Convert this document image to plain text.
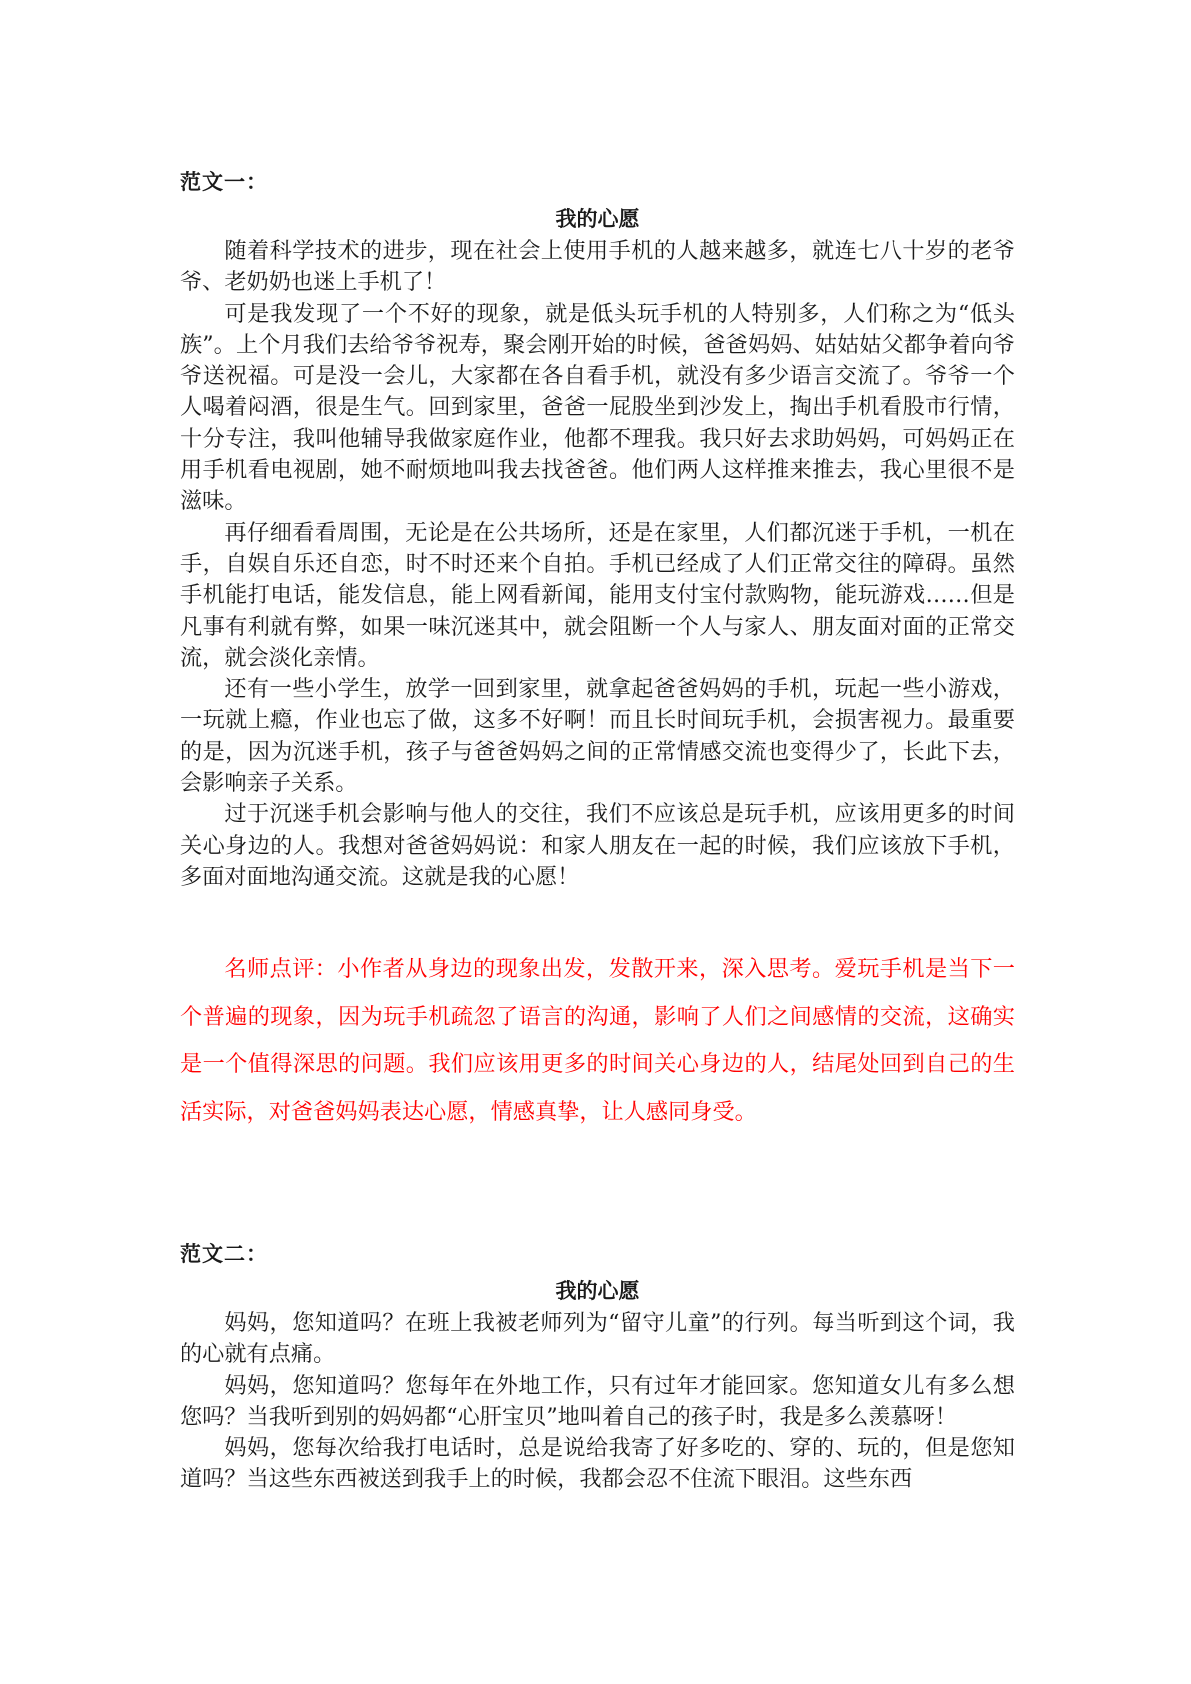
范文一：
我的心愿

随着科学技术的进步，现在社会上使用手机的人越来越多，就连七八十岁的老爷爷、老奶奶也迷上手机了！

可是我发现了一个不好的现象，就是低头玩手机的人特别多，人们称之为“低头族”。上个月我们去给爷爷祝寿，聚会刚开始的时候，爸爸妈妈、姑姑姑父都争着向爷爷送祝福。可是没一会儿，大家都在各自看手机，就没有多少语言交流了。爷爷一个人喝着闷酒，很是生气。回到家里，爸爸一屁股坐到沙发上，掏出手机看股市行情，十分专注，我叫他辅导我做家庭作业，他都不理我。我只好去求助妈妈，可妈妈正在用手机看电视剧，她不耐烦地叫我去找爸爸。他们两人这样推来推去，我心里很不是滋味。

再仔细看看周围，无论是在公共场所，还是在家里，人们都沉迷于手机，一机在手，自娱自乐还自恋，时不时还来个自拍。手机已经成了人们正常交往的障碍。虽然手机能打电话，能发信息，能上网看新闻，能用支付宝付款购物，能玩游戏……但是凡事有利就有弊，如果一味沉迷其中，就会阻断一个人与家人、朋友面对面的正常交流，就会淡化亲情。

还有一些小学生，放学一回到家里，就拿起爸爸妈妈的手机，玩起一些小游戏，一玩就上瘾，作业也忘了做，这多不好啊！而且长时间玩手机，会损害视力。最重要的是，因为沉迷手机，孩子与爸爸妈妈之间的正常情感交流也变得少了，长此下去，会影响亲子关系。

过于沉迷手机会影响与他人的交往，我们不应该总是玩手机，应该用更多的时间关心身边的人。我想对爸爸妈妈说：和家人朋友在一起的时候，我们应该放下手机，多面对面地沟通交流。这就是我的心愿！

名师点评：小作者从身边的现象出发，发散开来，深入思考。爱玩手机是当下一个普遍的现象，因为玩手机疏忽了语言的沟通，影响了人们之间感情的交流，这确实是一个值得深思的问题。我们应该用更多的时间关心身边的人，结尾处回到自己的生活实际，对爸爸妈妈表达心愿，情感真挚，让人感同身受。

范文二：
我的心愿

妈妈，您知道吗？在班上我被老师列为“留守儿童”的行列。每当听到这个词，我的心就有点痛。

妈妈，您知道吗？您每年在外地工作，只有过年才能回家。您知道女儿有多么想您吗？当我听到别的妈妈都“心肝宝贝”地叫着自己的孩子时，我是多么羡慕呀！

妈妈，您每次给我打电话时，总是说给我寄了好多吃的、穿的、玩的，但是您知道吗？当这些东西被送到我手上的时候，我都会忍不住流下眼泪。这些东西
